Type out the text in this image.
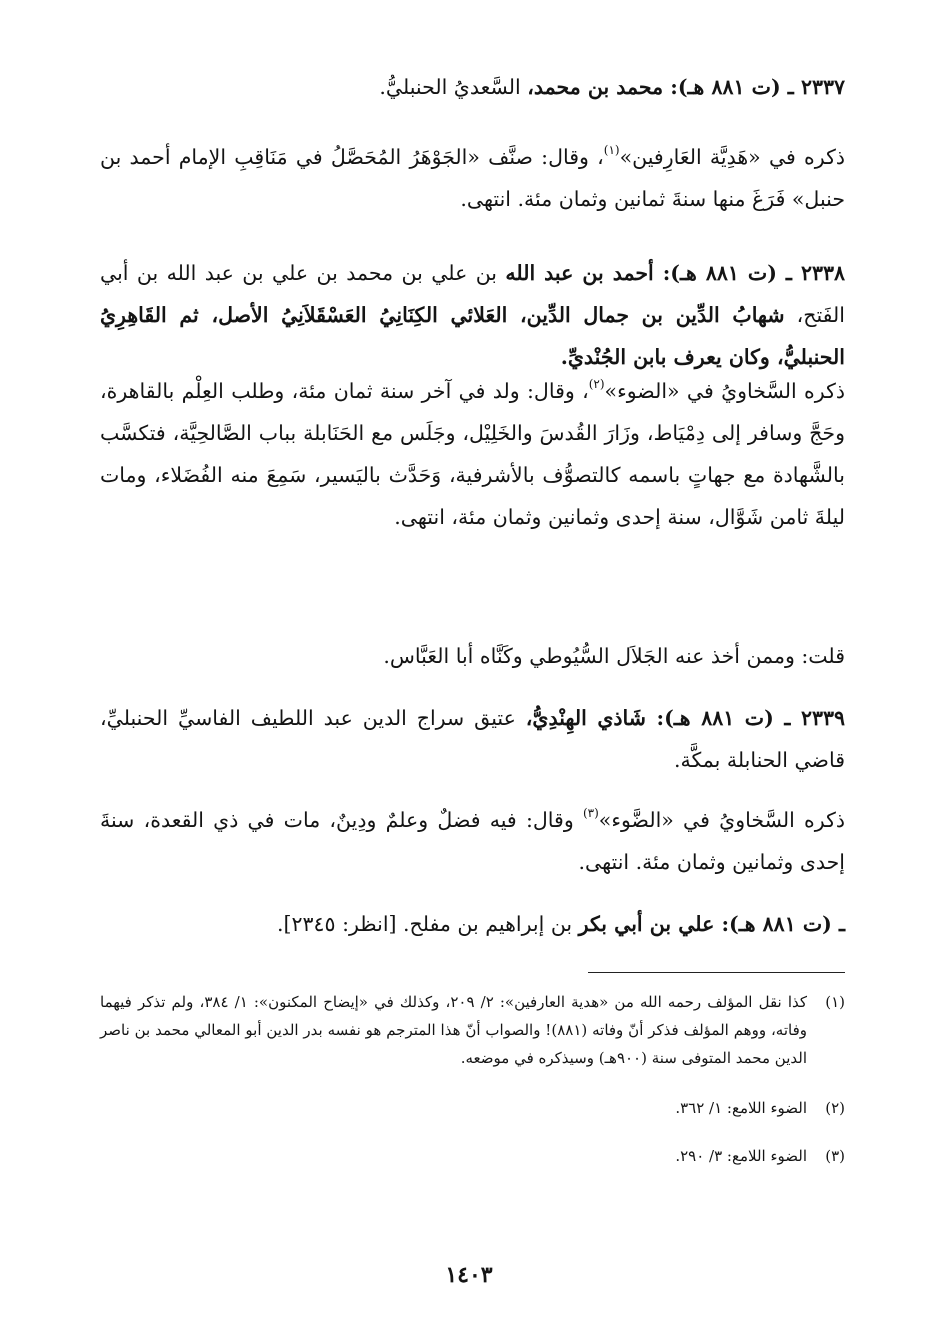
٢٣٣٧ ـ (ت ٨٨١ هـ): محمد بن محمد، السَّعديُ الحنبليُّ.

ذكره في «هَدِيَّة العَارِفين»$^{(١)}$، وقال: صنَّف «الجَوْهَرُ المُحَصَّلُ في مَنَاقِبِ الإمام أحمد بن حنبل» فَرَغَ منها سنةَ ثمانين وثمان مئة. انتهى.

٢٣٣٨ ـ (ت ٨٨١ هـ): أحمد بن عبد الله بن علي بن محمد بن علي بن عبد الله بن أبي الفَتح، شهابُ الدِّين بن جمال الدِّين، العَلائي الكِنَانِيُ العَسْقَلاَنِيُ الأصل، ثم القَاهِرِيُ الحنبليُّ، وكان يعرف بابن الجُنْديِّ.

ذكره السَّخاويُ في «الضوء»$^{(٢)}$، وقال: ولد في آخر سنة ثمان مئة، وطلب العِلْم بالقاهرة، وحَجَّ وسافر إلى دِمْيَاط، وزَارَ القُدسَ والخَلِيْل، وجَلَس مع الحَنَابلة بباب الصَّالحِيَّة، فتكسَّب بالشَّهادة مع جهاتٍ باسمه كالتصوُّف بالأشرفية، وَحَدَّث باليَسير، سَمِعَ منه الفُضَلاء، ومات ليلةَ ثامن شَوَّال، سنة إحدى وثمانين وثمان مئة، انتهى.

قلت: وممن أخذ عنه الجَلاَل السُّيُوطي وكَنَّاه أبا العَبَّاس.

٢٣٣٩ ـ (ت ٨٨١ هـ): شَاذي الهِنْدِيُّ، عتيق سراج الدين عبد اللطيف الفاسيِّ الحنبليِّ، قاضي الحنابلة بمكَّة.

ذكره السَّخاويُ في «الضَّوء»$^{(٣)}$ وقال: فيه فضلٌ وعلمٌ ودِينٌ، مات في ذي القعدة، سنةَ إحدى وثمانين وثمان مئة. انتهى.

ـ (ت ٨٨١ هـ): علي بن أبي بكر بن إبراهيم بن مفلح. [انظر: ٢٣٤٥].

(١)
كذا نقل المؤلف رحمه الله من «هدية العارفين»: ٢/ ٢٠٩، وكذلك في «إيضاح المكنون»: ١/ ٣٨٤، ولم تذكر فيهما وفاته، ووهم المؤلف فذكر أنّ وفاته (٨٨١)! والصواب أنّ هذا المترجم هو نفسه بدر الدين أبو المعالي محمد بن ناصر الدين محمد المتوفى سنة (٩٠٠هـ) وسيذكره في موضعه.
(٢)
الضوء اللامع: ١/ ٣٦٢.
(٣)
الضوء اللامع: ٣/ ٢٩٠.
١٤٠٣
